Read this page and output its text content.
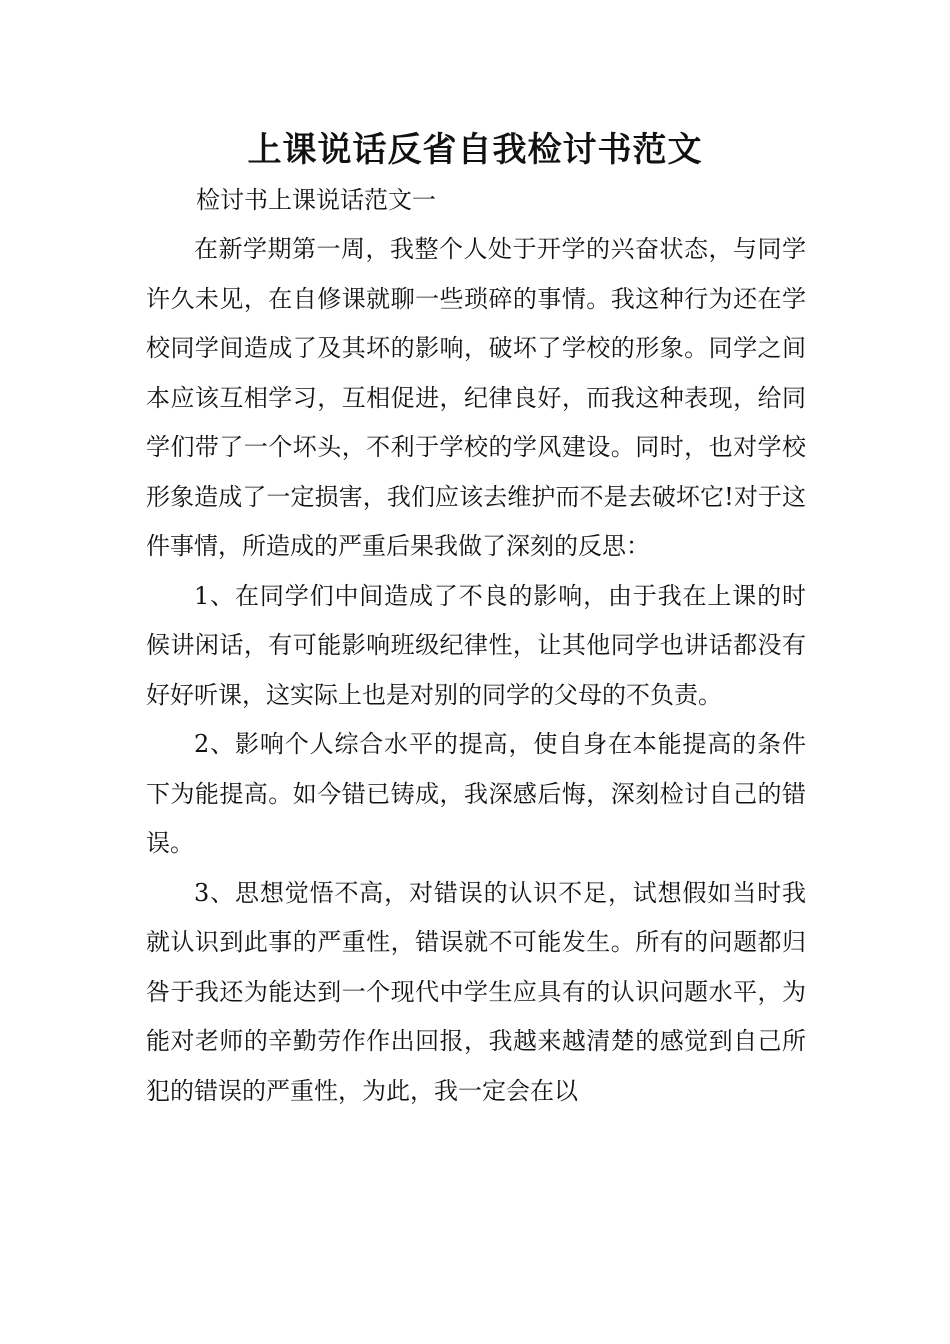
上课说话反省自我检讨书范文

检讨书上课说话范文一

在新学期第一周，我整个人处于开学的兴奋状态，与同学许久未见，在自修课就聊一些琐碎的事情。我这种行为还在学校同学间造成了及其坏的影响，破坏了学校的形象。同学之间本应该互相学习，互相促进，纪律良好，而我这种表现，给同学们带了一个坏头，不利于学校的学风建设。同时，也对学校形象造成了一定损害，我们应该去维护而不是去破坏它!对于这件事情，所造成的严重后果我做了深刻的反思：

1、在同学们中间造成了不良的影响，由于我在上课的时候讲闲话，有可能影响班级纪律性，让其他同学也讲话都没有好好听课，这实际上也是对别的同学的父母的不负责。

2、影响个人综合水平的提高，使自身在本能提高的条件下为能提高。如今错已铸成，我深感后悔，深刻检讨自己的错误。

3、思想觉悟不高，对错误的认识不足，试想假如当时我就认识到此事的严重性，错误就不可能发生。所有的问题都归咎于我还为能达到一个现代中学生应具有的认识问题水平，为能对老师的辛勤劳作作出回报，我越来越清楚的感觉到自己所犯的错误的严重性，为此，我一定会在以
